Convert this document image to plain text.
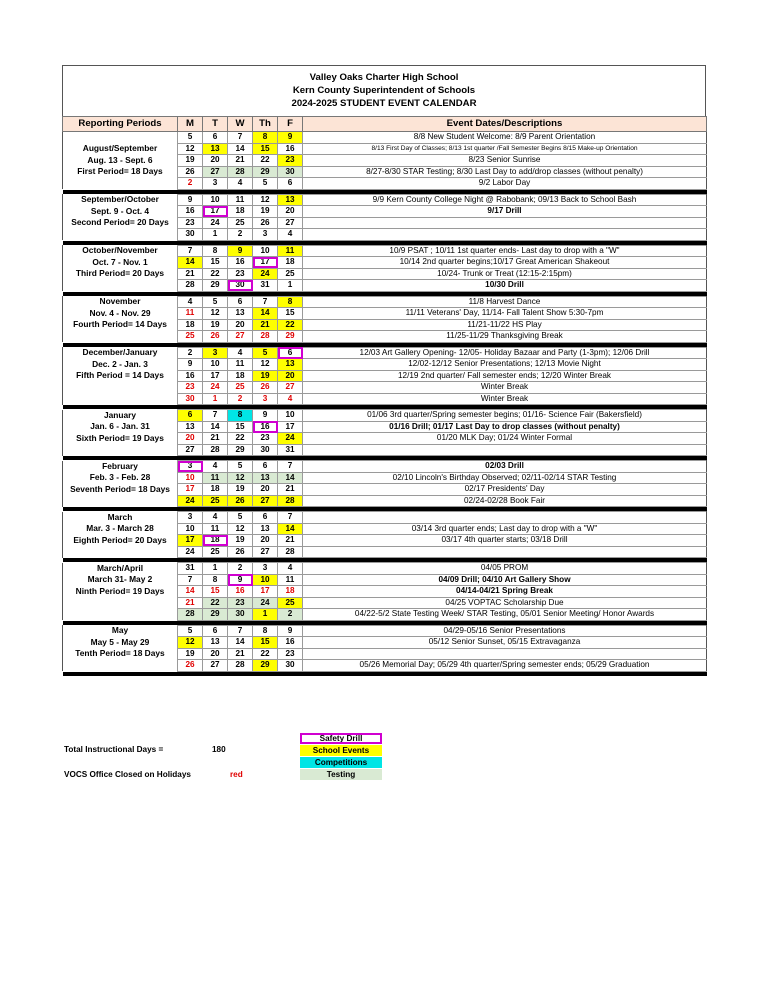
Valley Oaks Charter High School
Kern County Superintendent of Schools
2024-2025 STUDENT EVENT CALENDAR
Reporting Periods	M	T	W	Th	F	Event Dates/Descriptions
	5	6	7	8	9	8/8 New Student Welcome: 8/9 Parent Orientation
August/September	12	13	14	15	16	8/13 First Day of Classes; 8/13 1st quarter /Fall Semester Begins 8/15 Make-up Orientation
Aug. 13 - Sept. 6	19	20	21	22	23	8/23 Senior Sunrise
First Period= 18 Days	26	27	28	29	30	8/27-8/30 STAR Testing; 8/30 Last Day to add/drop classes (without penalty)
	2	3	4	5	6	9/2 Labor Day

September/October	9	10	11	12	13	9/9 Kern County College Night @ Rabobank; 09/13 Back to School Bash
Sept. 9 - Oct. 4	16	17	18	19	20	9/17 Drill
Second Period= 20 Days	23	24	25	26	27	
	30	1	2	3	4	

October/November	7	8	9	10	11	10/9 PSAT ; 10/11 1st quarter ends- Last day to drop with a "W"
Oct. 7 - Nov. 1	14	15	16	17	18	10/14 2nd quarter begins;10/17 Great American Shakeout
Third Period= 20 Days	21	22	23	24	25	10/24- Trunk or Treat (12:15-2:15pm)
	28	29	30	31	1	10/30 Drill

November	4	5	6	7	8	11/8 Harvest Dance
Nov. 4 - Nov. 29	11	12	13	14	15	11/11 Veterans' Day, 11/14- Fall Talent Show 5:30-7pm
Fourth Period= 14 Days	18	19	20	21	22	11/21-11/22 HS Play
	25	26	27	28	29	11/25-11/29 Thanksgiving Break

December/January	2	3	4	5	6	12/03 Art Gallery Opening- 12/05- Holiday Bazaar and Party (1-3pm); 12/06 Drill
Dec. 2 - Jan. 3	9	10	11	12	13	12/02-12/12 Senior Presentations; 12/13 Movie Night
Fifth Period = 14 Days	16	17	18	19	20	12/19 2nd quarter/ Fall semester ends; 12/20 Winter Break
	23	24	25	26	27	Winter Break
	30	1	2	3	4	Winter Break

January	6	7	8	9	10	01/06 3rd quarter/Spring semester begins; 01/16- Science Fair (Bakersfield)
Jan. 6 - Jan. 31	13	14	15	16	17	01/16 Drill; 01/17 Last Day to drop classes (without penalty)
Sixth Period= 19 Days	20	21	22	23	24	01/20 MLK Day; 01/24 Winter Formal
	27	28	29	30	31	

February	3	4	5	6	7	02/03 Drill
Feb. 3 - Feb. 28	10	11	12	13	14	02/10 Lincoln's Birthday Observed; 02/11-02/14 STAR Testing
Seventh Period= 18 Days	17	18	19	20	21	02/17 Presidents' Day
	24	25	26	27	28	02/24-02/28 Book Fair

March	3	4	5	6	7	
Mar. 3 - March 28	10	11	12	13	14	03/14 3rd quarter ends; Last day to drop with a "W"
Eighth Period= 20 Days	17	18	19	20	21	03/17 4th quarter starts; 03/18 Drill
	24	25	26	27	28	

March/April	31	1	2	3	4	04/05 PROM
March 31- May 2	7	8	9	10	11	04/09 Drill; 04/10 Art Gallery Show
Ninth Period= 19 Days	14	15	16	17	18	04/14-04/21 Spring Break
	21	22	23	24	25	04/25 VOPTAC Scholarship Due
	28	29	30	1	2	04/22-5/2 State Testing Week/ STAR Testing, 05/01 Senior Meeting/ Honor Awards

May	5	6	7	8	9	04/29-05/16 Senior Presentations
May 5 - May 29	12	13	14	15	16	05/12 Senior Sunset, 05/15 Extravaganza
Tenth Period= 18 Days	19	20	21	22	23	
	26	27	28	29	30	05/26 Memorial Day; 05/29 4th quarter/Spring semester ends; 05/29 Graduation

Total Instructional Days =	180
VOCS Office Closed on Holidays	red
Safety Drill
School Events
Competitions
Testing
